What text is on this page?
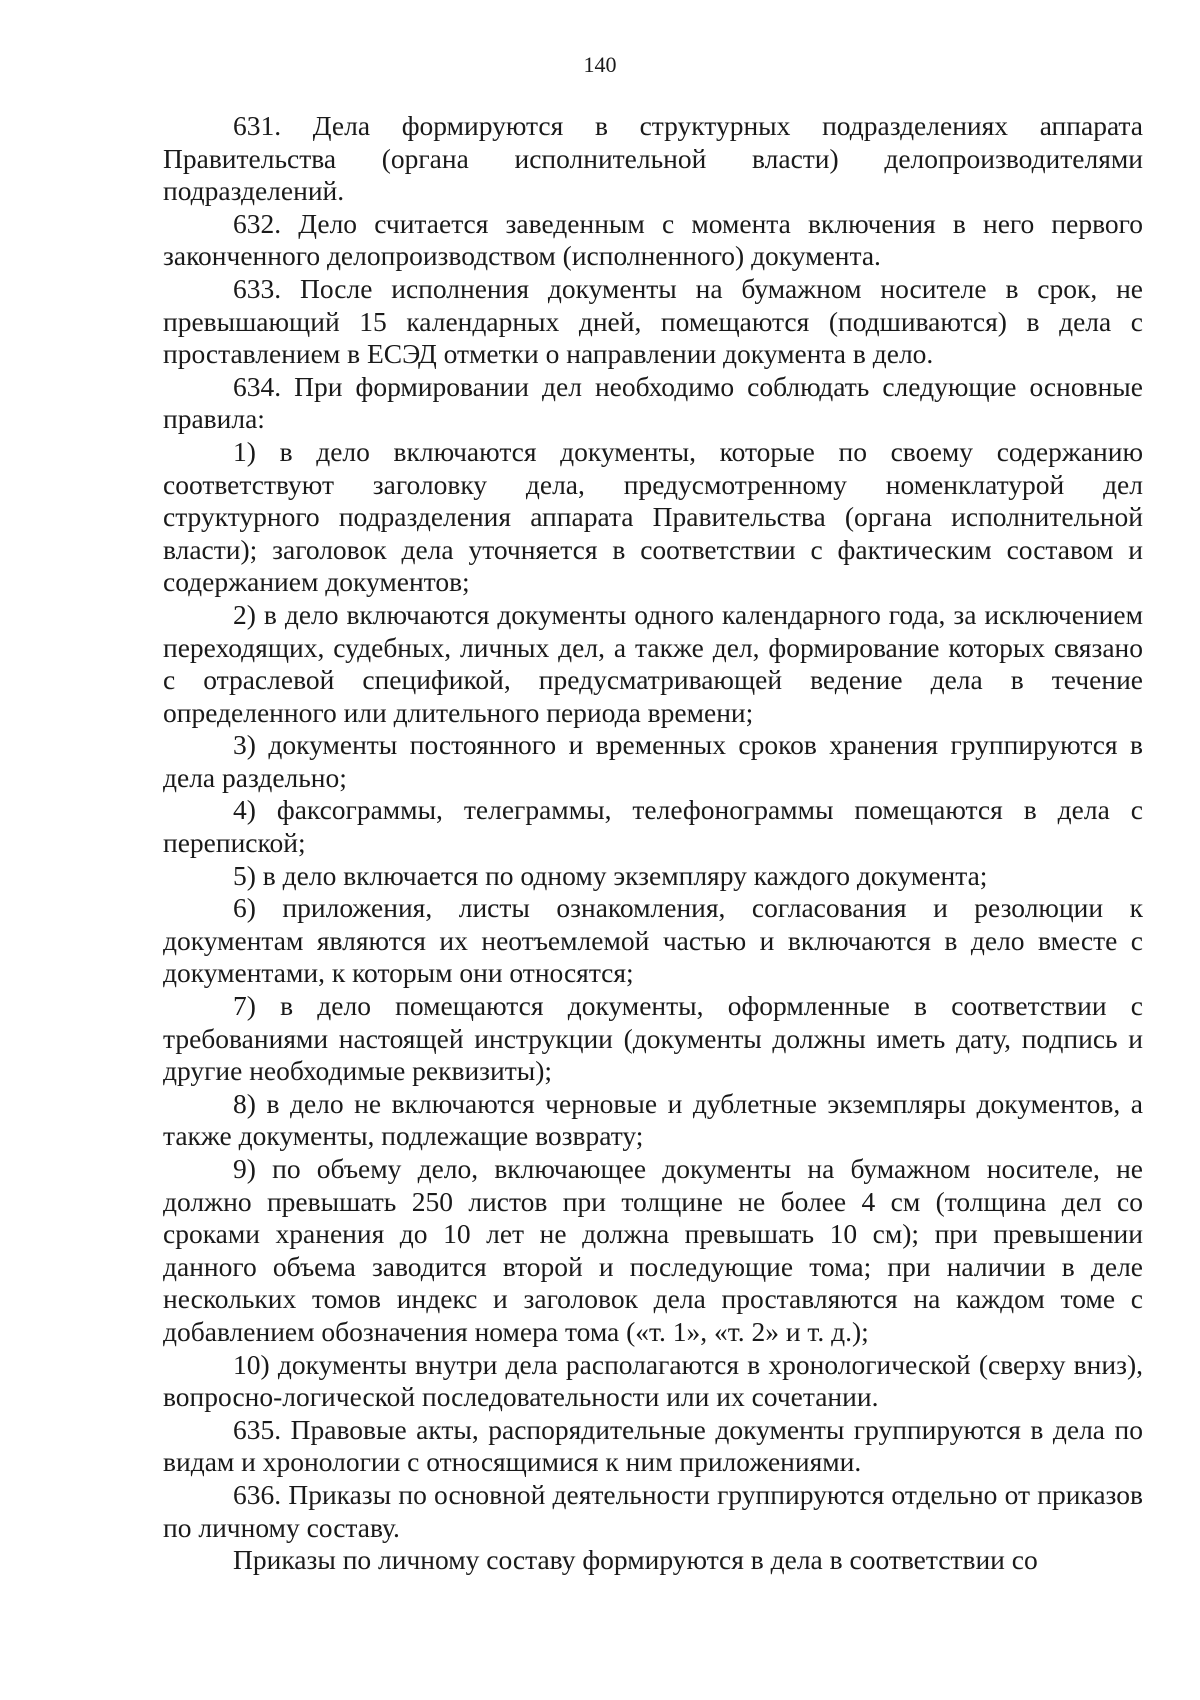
140

631. Дела формируются в структурных подразделениях аппарата Правительства (органа исполнительной власти) делопроизводителями подразделений.

632. Дело считается заведенным с момента включения в него первого законченного делопроизводством (исполненного) документа.

633. После исполнения документы на бумажном носителе в срок, не превышающий 15 календарных дней, помещаются (подшиваются) в дела с проставлением в ЕСЭД отметки о направлении документа в дело.

634. При формировании дел необходимо соблюдать следующие основные правила:

1) в дело включаются документы, которые по своему содержанию соответствуют заголовку дела, предусмотренному номенклатурой дел структурного подразделения аппарата Правительства (органа исполнительной власти); заголовок дела уточняется в соответствии с фактическим составом и содержанием документов;

2) в дело включаются документы одного календарного года, за исключением переходящих, судебных, личных дел, а также дел, формирование которых связано с отраслевой спецификой, предусматривающей ведение дела в течение определенного или длительного периода времени;

3) документы постоянного и временных сроков хранения группируются в дела раздельно;

4) факсограммы, телеграммы, телефонограммы помещаются в дела с перепиской;

5) в дело включается по одному экземпляру каждого документа;

6) приложения, листы ознакомления, согласования и резолюции к документам являются их неотъемлемой частью и включаются в дело вместе с документами, к которым они относятся;

7) в дело помещаются документы, оформленные в соответствии с требованиями настоящей инструкции (документы должны иметь дату, подпись и другие необходимые реквизиты);

8) в дело не включаются черновые и дублетные экземпляры документов, а также документы, подлежащие возврату;

9) по объему дело, включающее документы на бумажном носителе, не должно превышать 250 листов при толщине не более 4 см (толщина дел со сроками хранения до 10 лет не должна превышать 10 см); при превышении данного объема заводится второй и последующие тома; при наличии в деле нескольких томов индекс и заголовок дела проставляются на каждом томе с добавлением обозначения номера тома («т. 1», «т. 2» и т. д.);

10) документы внутри дела располагаются в хронологической (сверху вниз), вопросно-логической последовательности или их сочетании.

635. Правовые акты, распорядительные документы группируются в дела по видам и хронологии с относящимися к ним приложениями.

636. Приказы по основной деятельности группируются отдельно от приказов по личному составу.

Приказы по личному составу формируются в дела в соответствии со
